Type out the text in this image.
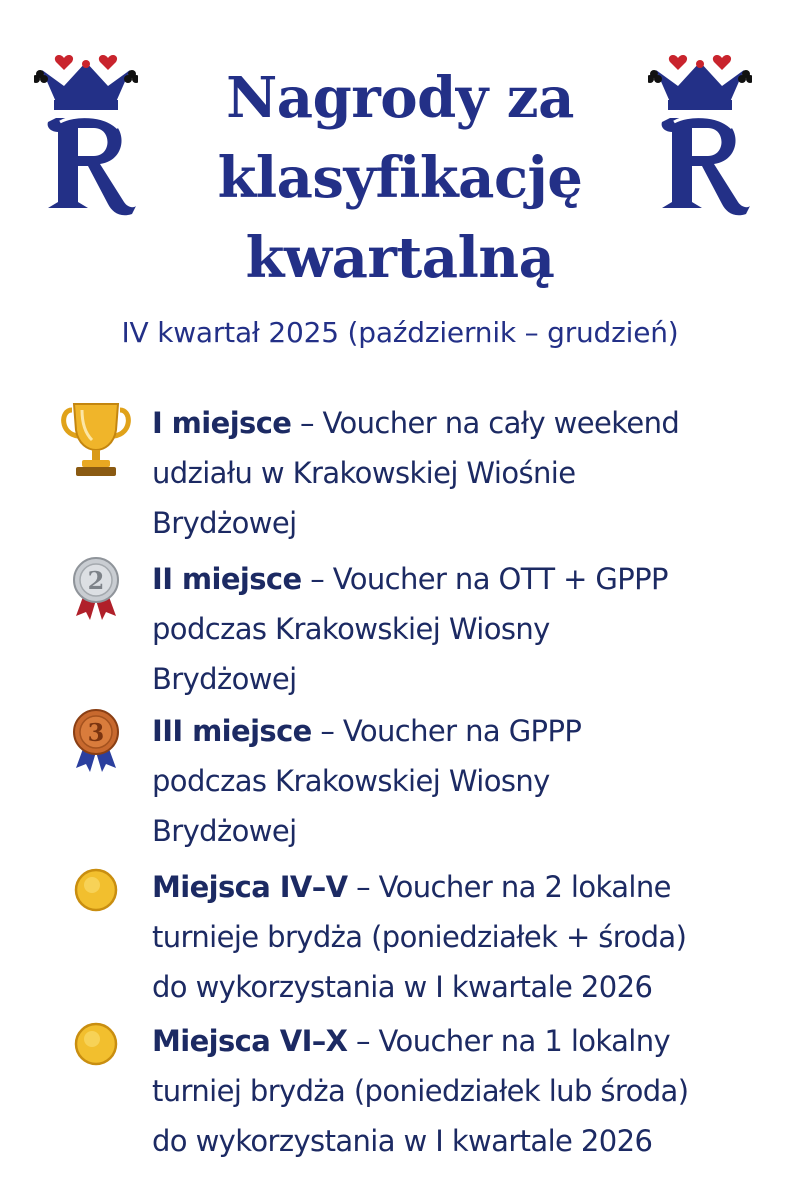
Nagrody za
klasyfikację
kwartalną
IV kwartał 2025 (październik – grudzień)
I miejsce – Voucher na cały weekend
udziału w Krakowskiej Wiośnie
Brydżowej
2 II miejsce – Voucher na OTT + GPPP
podczas Krakowskiej Wiosny
Brydżowej
3 III miejsce – Voucher na GPPP
podczas Krakowskiej Wiosny
Brydżowej
Miejsca IV–V – Voucher na 2 lokalne
turnieje brydża (poniedziałek + środa)
do wykorzystania w I kwartale 2026
Miejsca VI–X – Voucher na 1 lokalny
turniej brydża (poniedziałek lub środa)
do wykorzystania w I kwartale 2026
